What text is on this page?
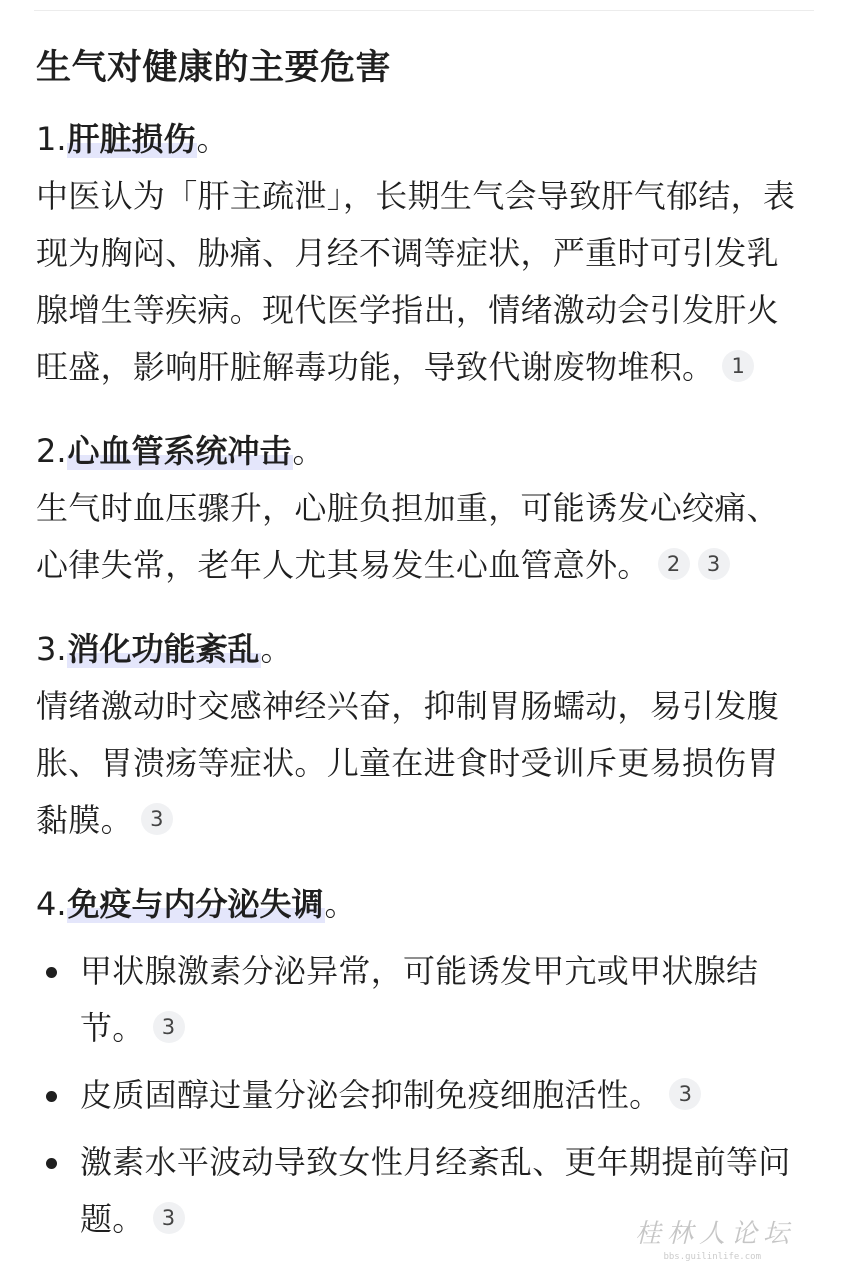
生气对健康的主要危害

1.肝脏损伤。

中医认为「肝主疏泄」，长期生气会导致肝气郁结，表现为胸闷、胁痛、月经不调等症状，严重时可引发乳腺增生等疾病。现代医学指出，情绪激动会引发肝火旺盛，影响肝脏解毒功能，导致代谢废物堆积。 1

2.心血管系统冲击。

生气时血压骤升，心脏负担加重，可能诱发心绞痛、心律失常，老年人尤其易发生心血管意外。 2 3

3.消化功能紊乱。

情绪激动时交感神经兴奋，抑制胃肠蠕动，易引发腹胀、胃溃疡等症状。儿童在进食时受训斥更易损伤胃黏膜。 3

4.免疫与内分泌失调。

甲状腺激素分泌异常，可能诱发甲亢或甲状腺结节。 3
皮质固醇过量分泌会抑制免疫细胞活性。 3
激素水平波动导致女性月经紊乱、更年期提前等问题。 3
桂林人论坛
bbs.guilinlife.com
